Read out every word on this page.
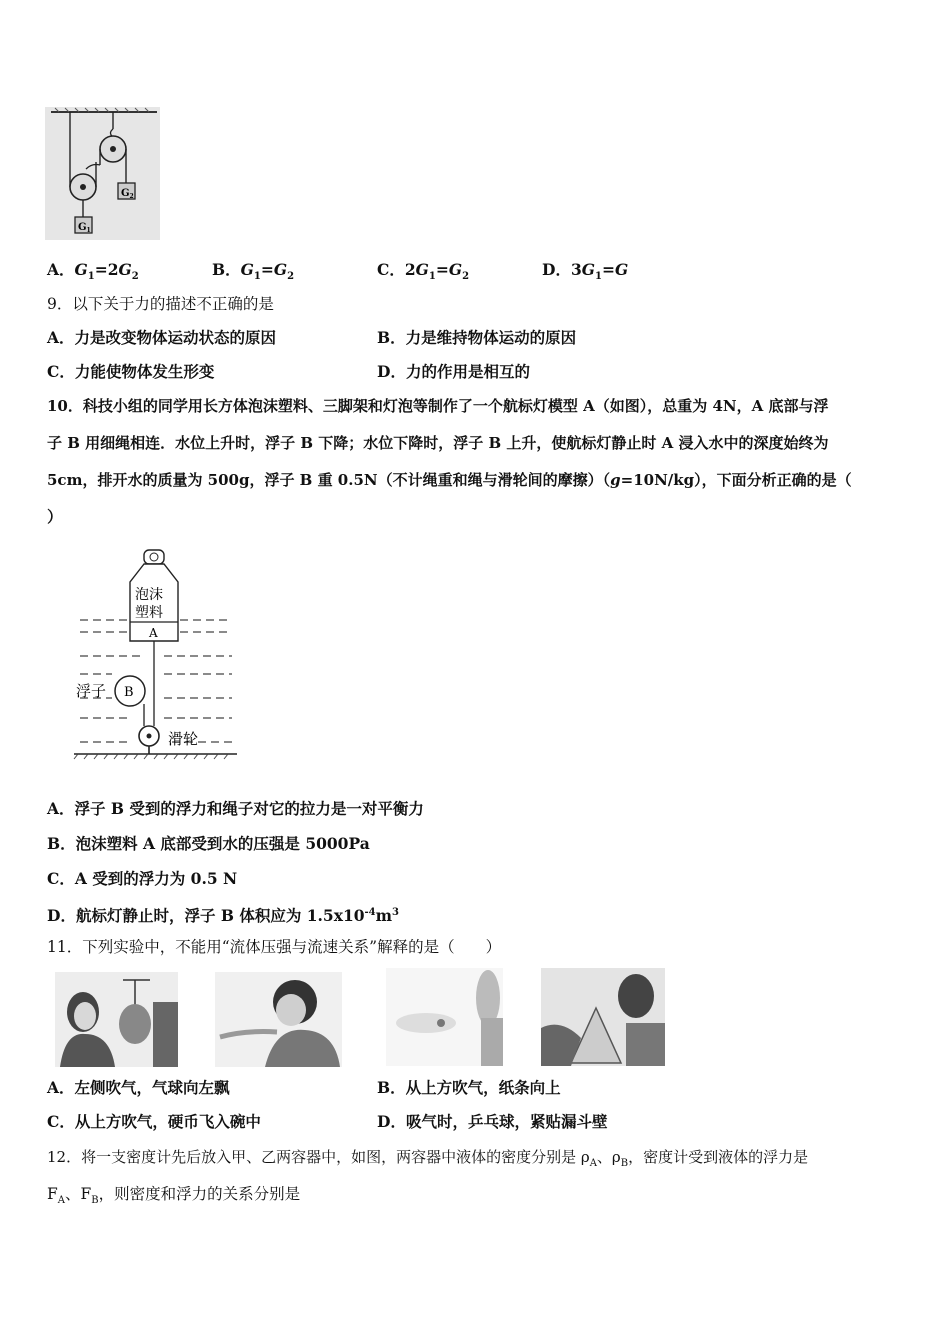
$G_2$
$G_1$
A．$G_1=2G_2$	B．$G_1=G_2$	C．$2G_1=G_2$	D．$3G_1=G$
9．以下关于力的描述不正确的是
A．力是改变物体运动状态的原因	B．力是维持物体运动的原因
C．力能使物体发生形变	D．力的作用是相互的
10．科技小组的同学用长方体泡沫塑料、三脚架和灯泡等制作了一个航标灯模型 A（如图），总重为 4N，A 底部与浮
子 B 用细绳相连．水位上升时，浮子 B 下降；水位下降时，浮子 B 上升，使航标灯静止时 A 浸入水中的深度始终为
5cm，排开水的质量为 500g，浮子 B 重 0.5N（不计绳重和绳与滑轮间的摩擦）（g=10N/kg），下面分析正确的是（
）
泡沫
塑料
A
B
浮子
滑轮
A．浮子 B 受到的浮力和绳子对它的拉力是一对平衡力
B．泡沫塑料 A 底部受到水的压强是 5000Pa
C．A 受到的浮力为 0.5 N
D．航标灯静止时，浮子 B 体积应为 $1.5x10^{-4}m^3$
11．下列实验中，不能用“流体压强与流速关系”解释的是（　　）
A．左侧吹气，气球向左飘	B．从上方吹气，纸条向上
C．从上方吹气，硬币飞入碗中	D．吸气时，乒乓球，紧贴漏斗壁
12．将一支密度计先后放入甲、乙两容器中，如图，两容器中液体的密度分别是 $\rho_A$、$\rho_B$，密度计受到液体的浮力是
$F_A$、$F_B$，则密度和浮力的关系分别是
